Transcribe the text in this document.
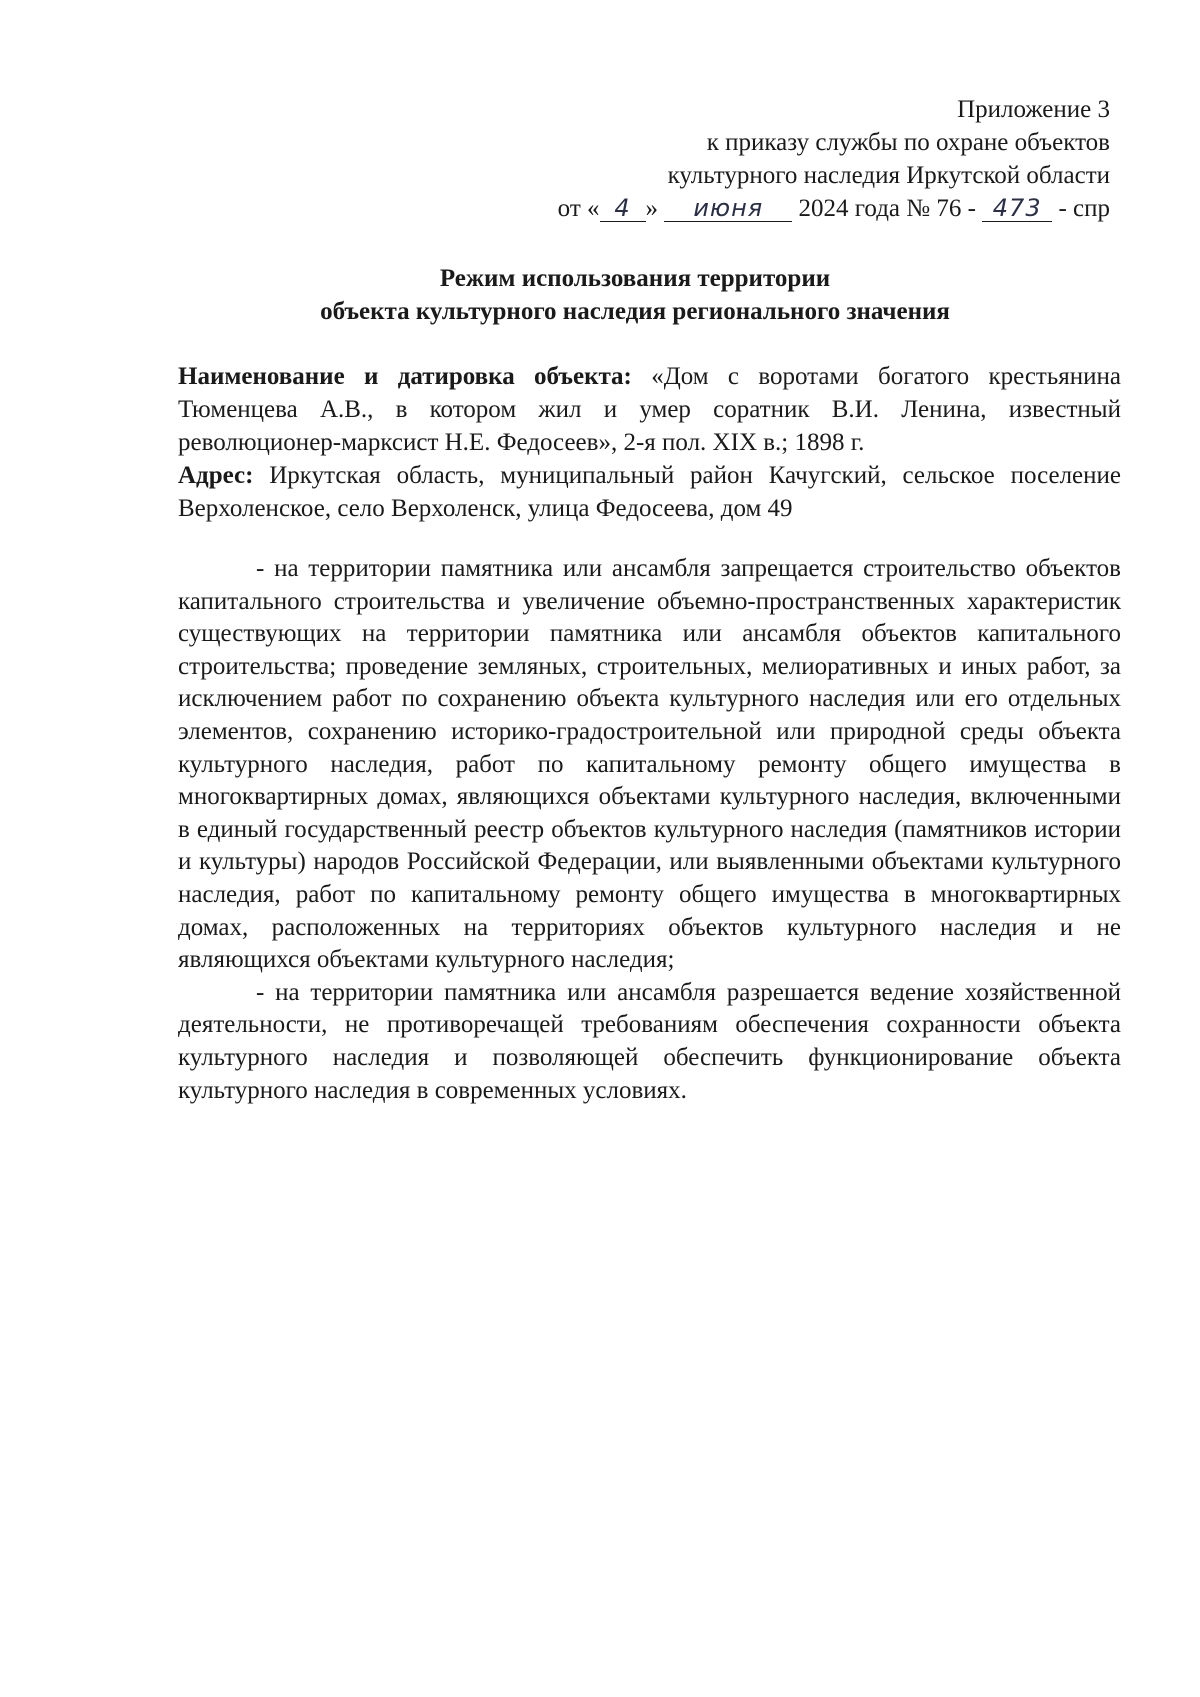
Приложение 3
к приказу службы по охране объектов
культурного наследия Иркутской области
от « 4 » июня 2024 года № 76 - 473 - спр
Режим использования территории
объекта культурного наследия регионального значения

Наименование и датировка объекта: «Дом с воротами богатого крестьянина Тюменцева А.В., в котором жил и умер соратник В.И. Ленина, известный революционер-марксист Н.Е. Федосеев», 2-я пол. XIX в.; 1898 г.

Адрес: Иркутская область, муниципальный район Качугский, сельское поселение Верхоленское, село Верхоленск, улица Федосеева, дом 49

- на территории памятника или ансамбля запрещается строительство объектов капитального строительства и увеличение объемно-пространственных характеристик существующих на территории памятника или ансамбля объектов капитального строительства; проведение земляных, строительных, мелиоративных и иных работ, за исключением работ по сохранению объекта культурного наследия или его отдельных элементов, сохранению историко-градостроительной или природной среды объекта культурного наследия, работ по капитальному ремонту общего имущества в многоквартирных домах, являющихся объектами культурного наследия, включенными в единый государственный реестр объектов культурного наследия (памятников истории и культуры) народов Российской Федерации, или выявленными объектами культурного наследия, работ по капитальному ремонту общего имущества в многоквартирных домах, расположенных на территориях объектов культурного наследия и не являющихся объектами культурного наследия;

- на территории памятника или ансамбля разрешается ведение хозяйственной деятельности, не противоречащей требованиям обеспечения сохранности объекта культурного наследия и позволяющей обеспечить функционирование объекта культурного наследия в современных условиях.
